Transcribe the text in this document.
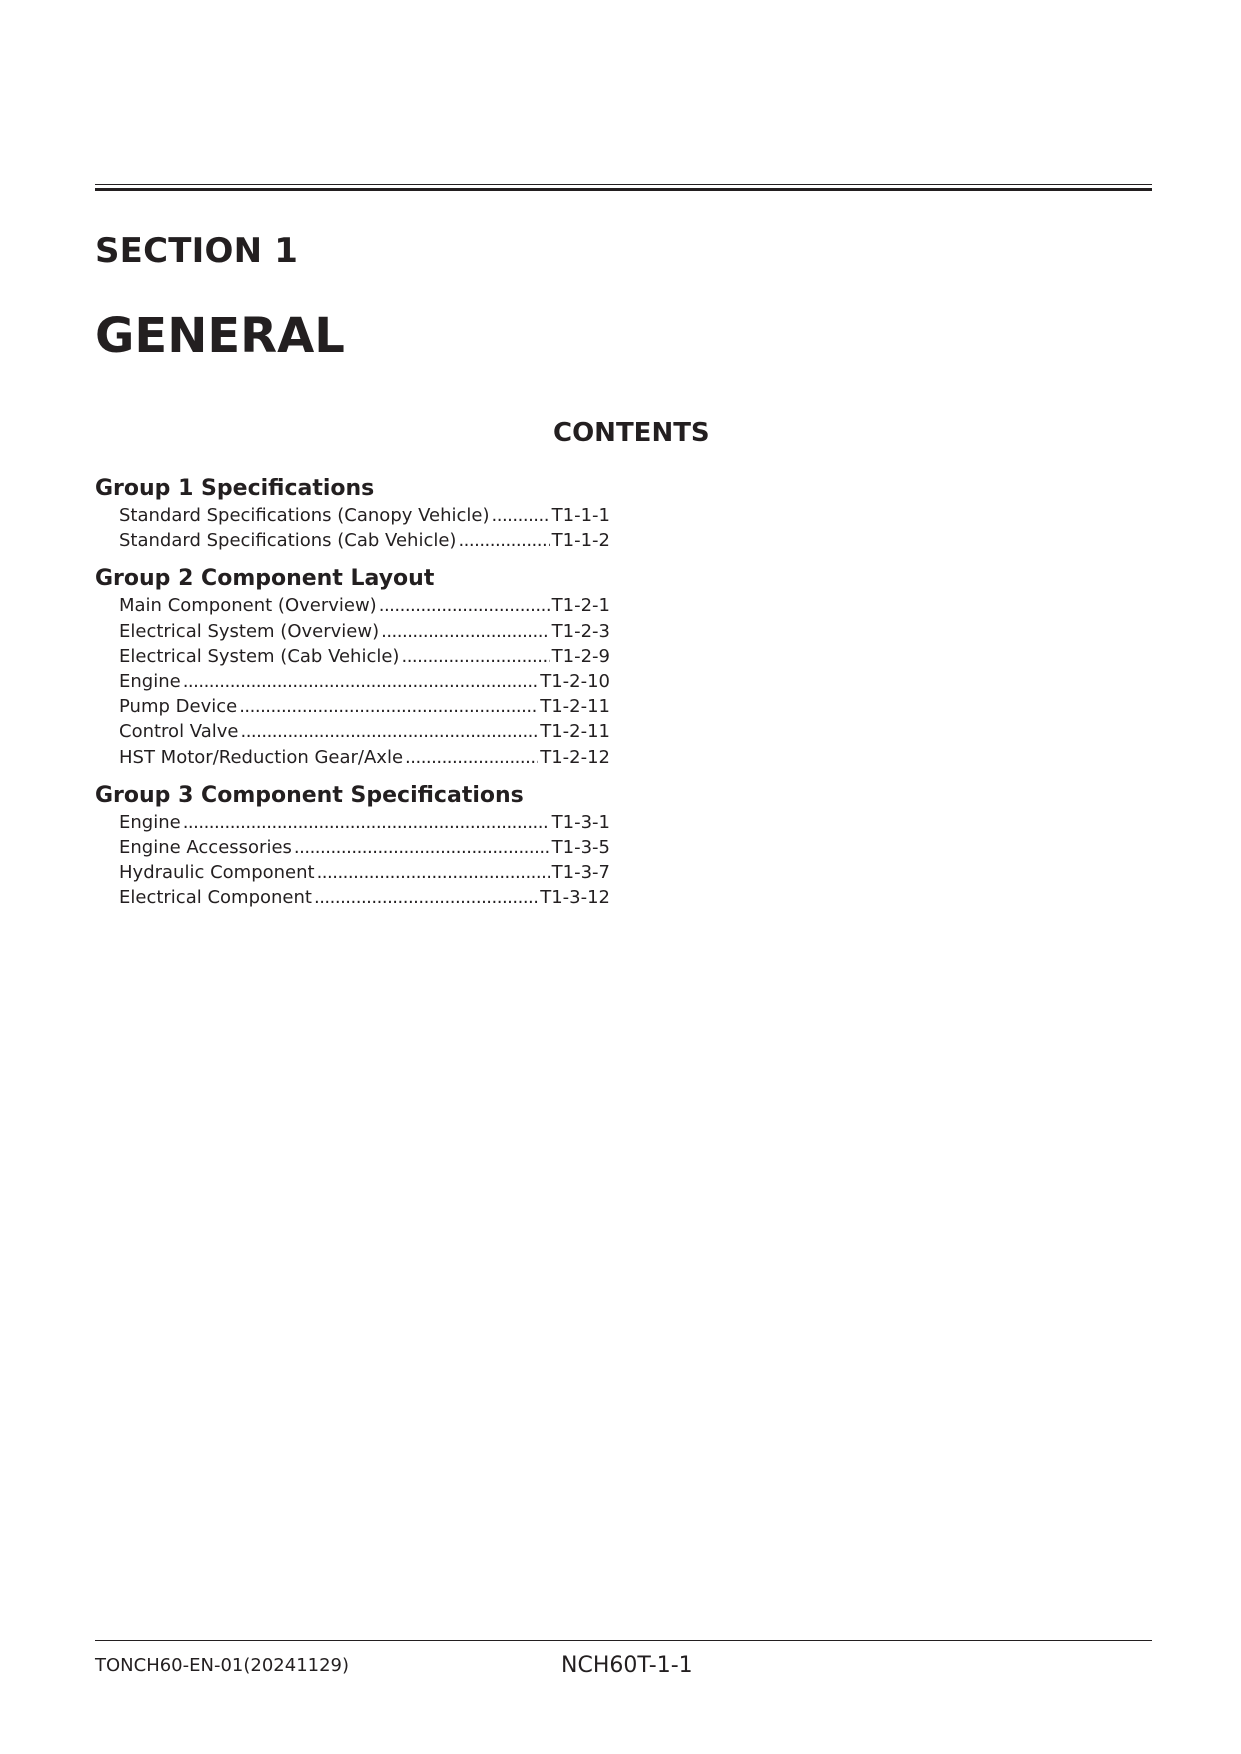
SECTION 1
GENERAL
CONTENTS
Group 1 Specifications
Standard Specifications (Canopy Vehicle) .....	T1-1-1
Standard Specifications (Cab Vehicle) .....	T1-1-2
Group 2 Component Layout
Main Component (Overview) .....	T1-2-1
Electrical System (Overview) .....	T1-2-3
Electrical System (Cab Vehicle) .....	T1-2-9
Engine .....	T1-2-10
Pump Device .....	T1-2-11
Control Valve .....	T1-2-11
HST Motor/Reduction Gear/Axle .....	T1-2-12
Group 3 Component Specifications
Engine .....	T1-3-1
Engine Accessories .....	T1-3-5
Hydraulic Component .....	T1-3-7
Electrical Component .....	T1-3-12
TONCH60-EN-01(20241129)	NCH60T-1-1
